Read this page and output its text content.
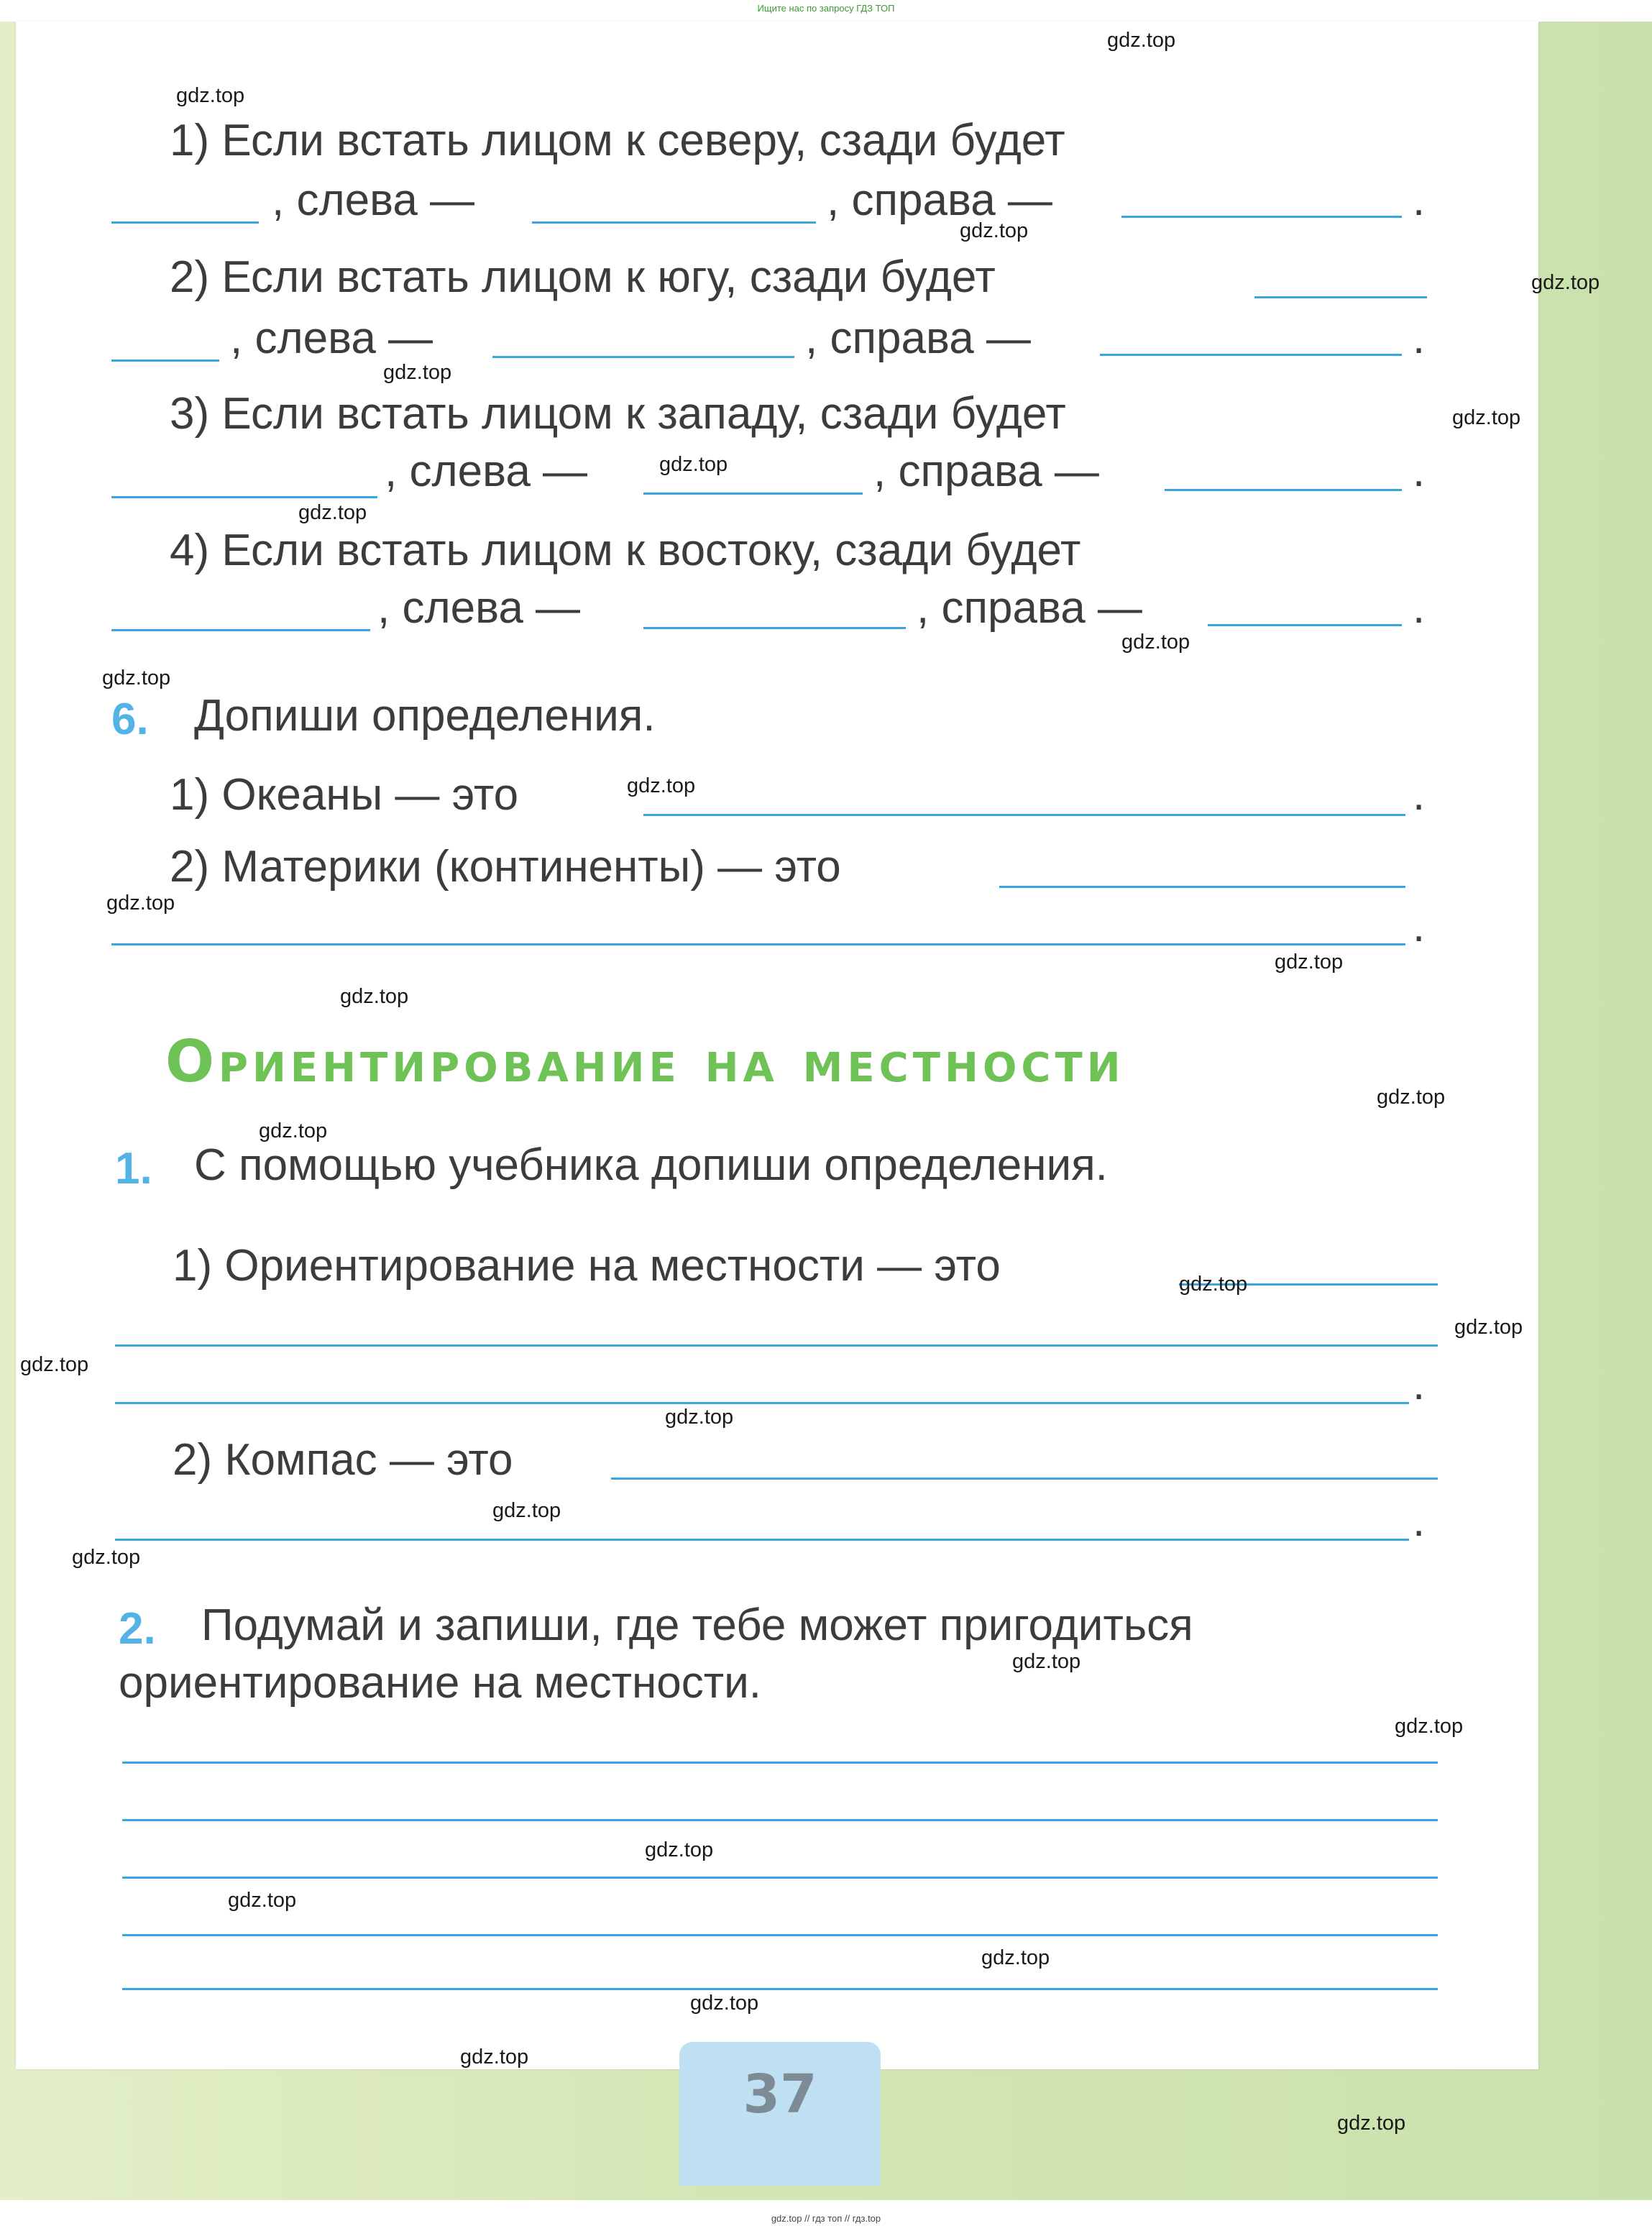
Ищите нас по запросу ГДЗ ТОП
1) Если встать лицом к северу, сзади будет
, слева —	, справа —	.
2) Если встать лицом к югу, сзади будет
, слева —	, справа —	.
3) Если встать лицом к западу, сзади будет
, слева —	, справа —	.
4) Если встать лицом к востоку, сзади будет
, слева —	, справа —	.
6. Допиши определения.
1) Океаны — это	.
2) Материки (континенты) — это
.
Ориентирование на местности
1. С помощью учебника допиши определения.
1) Ориентирование на местности — это
.
2) Компас — это
.
2. Подумай и запиши, где тебе может пригодиться
ориентирование на местности.
37
gdz.top
gdz.top
gdz.top
gdz.top
gdz.top
gdz.top
gdz.top
gdz.top
gdz.top
gdz.top
gdz.top
gdz.top
gdz.top
gdz.top
gdz.top
gdz.top
gdz.top
gdz.top
gdz.top
gdz.top
gdz.top
gdz.top
gdz.top
gdz.top
gdz.top
gdz.top
gdz.top
gdz.top
gdz.top
gdz.top
gdz.top // гдз топ // гдз.top
